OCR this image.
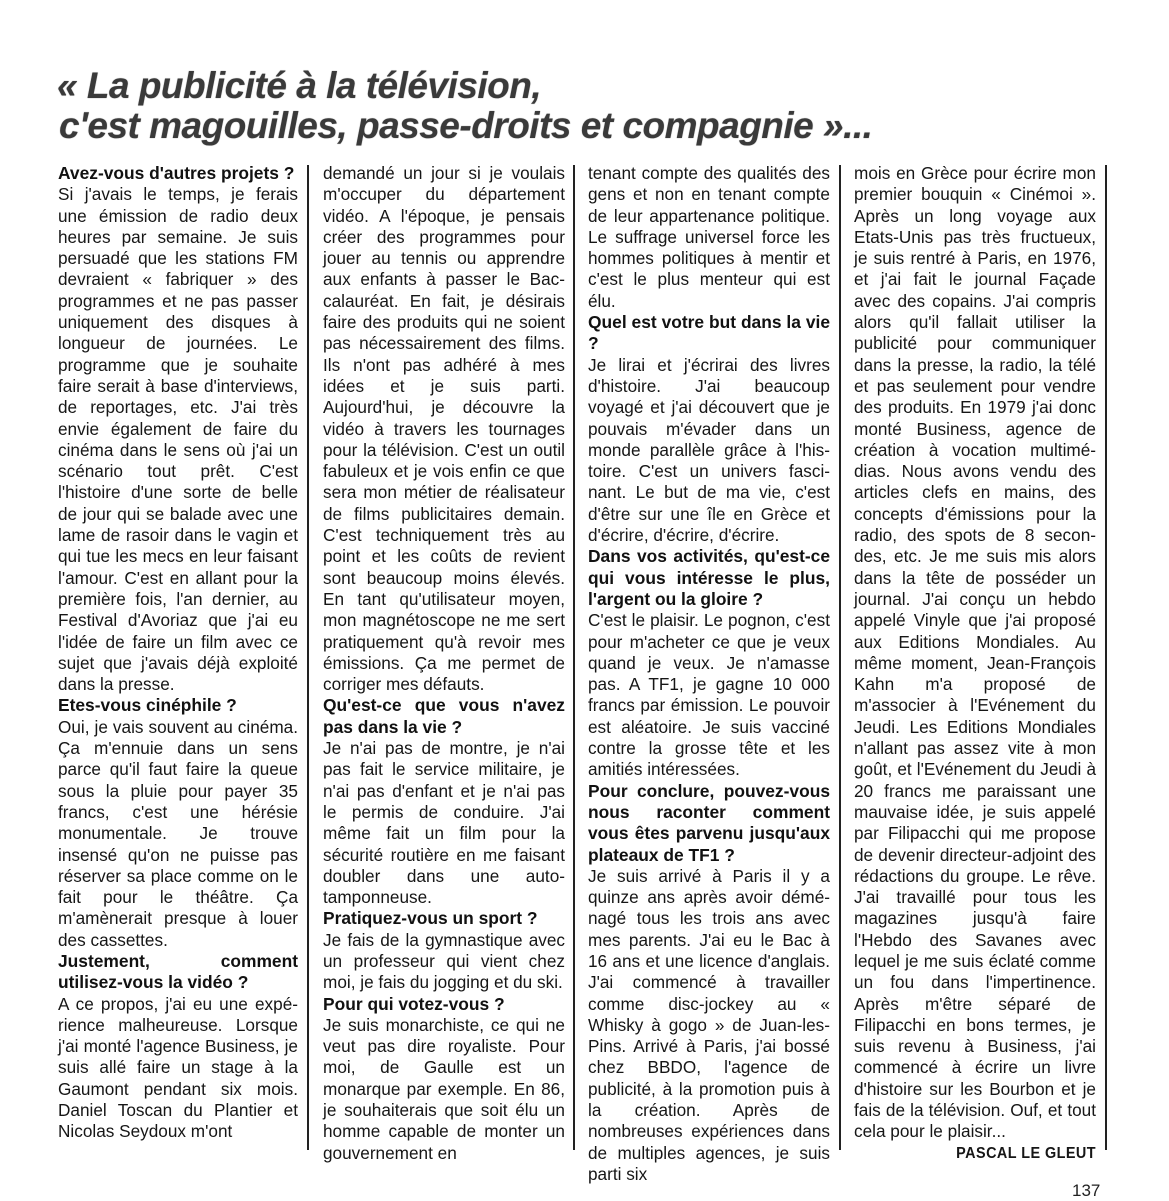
« La publicité à la télévision,
c'est magouilles, passe-droits et compagnie »...

Avez-vous d'autres projets ?

Si j'avais le temps, je ferais une émission de radio deux heures par semaine. Je suis persuadé que les stations FM devraient « fabriquer » des programmes et ne pas passer uniquement des disques à longueur de journées. Le programme que je souhaite faire serait à base d'interviews, de reportages, etc. J'ai très envie également de faire du cinéma dans le sens où j'ai un scénario tout prêt. C'est l'histoire d'une sorte de belle de jour qui se balade avec une lame de rasoir dans le vagin et qui tue les mecs en leur faisant l'amour. C'est en allant pour la première fois, l'an dernier, au Festival d'Avoriaz que j'ai eu l'idée de faire un film avec ce sujet que j'avais déjà exploité dans la presse.

Etes-vous cinéphile ?

Oui, je vais souvent au cinéma. Ça m'ennuie dans un sens parce qu'il faut faire la queue sous la pluie pour payer 35 francs, c'est une hérésie monumentale. Je trouve insensé qu'on ne puisse pas réserver sa place comme on le fait pour le théâtre. Ça m'amènerait presque à louer des cassettes.

Justement, comment utilisez-vous la vidéo ?

A ce propos, j'ai eu une expérience malheureuse. Lorsque j'ai monté l'agence Business, je suis allé faire un stage à la Gaumont pendant six mois. Daniel Toscan du Plantier et Nicolas Seydoux m'ont

demandé un jour si je voulais m'occuper du département vidéo. A l'époque, je pensais créer des programmes pour jouer au tennis ou apprendre aux enfants à passer le Baccalauréat. En fait, je désirais faire des produits qui ne soient pas nécessairement des films. Ils n'ont pas adhéré à mes idées et je suis parti. Aujourd'hui, je découvre la vidéo à travers les tournages pour la télévision. C'est un outil fabuleux et je vois enfin ce que sera mon métier de réalisateur de films publicitaires demain. C'est techniquement très au point et les coûts de revient sont beaucoup moins élevés. En tant qu'utilisateur moyen, mon magnétoscope ne me sert pratiquement qu'à revoir mes émissions. Ça me permet de corriger mes défauts.

Qu'est-ce que vous n'avez pas dans la vie ?

Je n'ai pas de montre, je n'ai pas fait le service militaire, je n'ai pas d'enfant et je n'ai pas le permis de conduire. J'ai même fait un film pour la sécurité routière en me faisant doubler dans une autotamponneuse.

Pratiquez-vous un sport ?

Je fais de la gymnastique avec un professeur qui vient chez moi, je fais du jogging et du ski.

Pour qui votez-vous ?

Je suis monarchiste, ce qui ne veut pas dire royaliste. Pour moi, de Gaulle est un monarque par exemple. En 86, je souhaiterais que soit élu un homme capable de monter un gouvernement en

tenant compte des qualités des gens et non en tenant compte de leur appartenance politique. Le suffrage universel force les hommes politiques à mentir et c'est le plus menteur qui est élu.

Quel est votre but dans la vie ?

Je lirai et j'écrirai des livres d'histoire. J'ai beaucoup voyagé et j'ai découvert que je pouvais m'évader dans un monde parallèle grâce à l'histoire. C'est un univers fascinant. Le but de ma vie, c'est d'être sur une île en Grèce et d'écrire, d'écrire, d'écrire.

Dans vos activités, qu'est-ce qui vous intéresse le plus, l'argent ou la gloire ?

C'est le plaisir. Le pognon, c'est pour m'acheter ce que je veux quand je veux. Je n'amasse pas. A TF1, je gagne 10 000 francs par émission. Le pouvoir est aléatoire. Je suis vacciné contre la grosse tête et les amitiés intéressées.

Pour conclure, pouvez-vous nous raconter comment vous êtes parvenu jusqu'aux plateaux de TF1 ?

Je suis arrivé à Paris il y a quinze ans après avoir déménagé tous les trois ans avec mes parents. J'ai eu le Bac à 16 ans et une licence d'anglais. J'ai commencé à travailler comme disc-jockey au « Whisky à gogo » de Juan-les-Pins. Arrivé à Paris, j'ai bossé chez BBDO, l'agence de publicité, à la promotion puis à la création. Après de nombreuses expériences dans de multiples agences, je suis parti six

mois en Grèce pour écrire mon premier bouquin « Cinémoi ». Après un long voyage aux Etats-Unis pas très fructueux, je suis rentré à Paris, en 1976, et j'ai fait le journal Façade avec des copains. J'ai compris alors qu'il fallait utiliser la publicité pour communiquer dans la presse, la radio, la télé et pas seulement pour vendre des produits. En 1979 j'ai donc monté Business, agence de création à vocation multimédias. Nous avons vendu des articles clefs en mains, des concepts d'émissions pour la radio, des spots de 8 secondes, etc. Je me suis mis alors dans la tête de posséder un journal. J'ai conçu un hebdo appelé Vinyle que j'ai proposé aux Editions Mondiales. Au même moment, Jean-François Kahn m'a proposé de m'associer à l'Evénement du Jeudi. Les Editions Mondiales n'allant pas assez vite à mon goût, et l'Evénement du Jeudi à 20 francs me paraissant une mauvaise idée, je suis appelé par Filipacchi qui me propose de devenir directeur-adjoint des rédactions du groupe. Le rêve. J'ai travaillé pour tous les magazines jusqu'à faire l'Hebdo des Savanes avec lequel je me suis éclaté comme un fou dans l'impertinence. Après m'être séparé de Filipacchi en bons termes, je suis revenu à Business, j'ai commencé à écrire un livre d'histoire sur les Bourbon et je fais de la télévision. Ouf, et tout cela pour le plaisir...

PASCAL LE GLEUT

137
